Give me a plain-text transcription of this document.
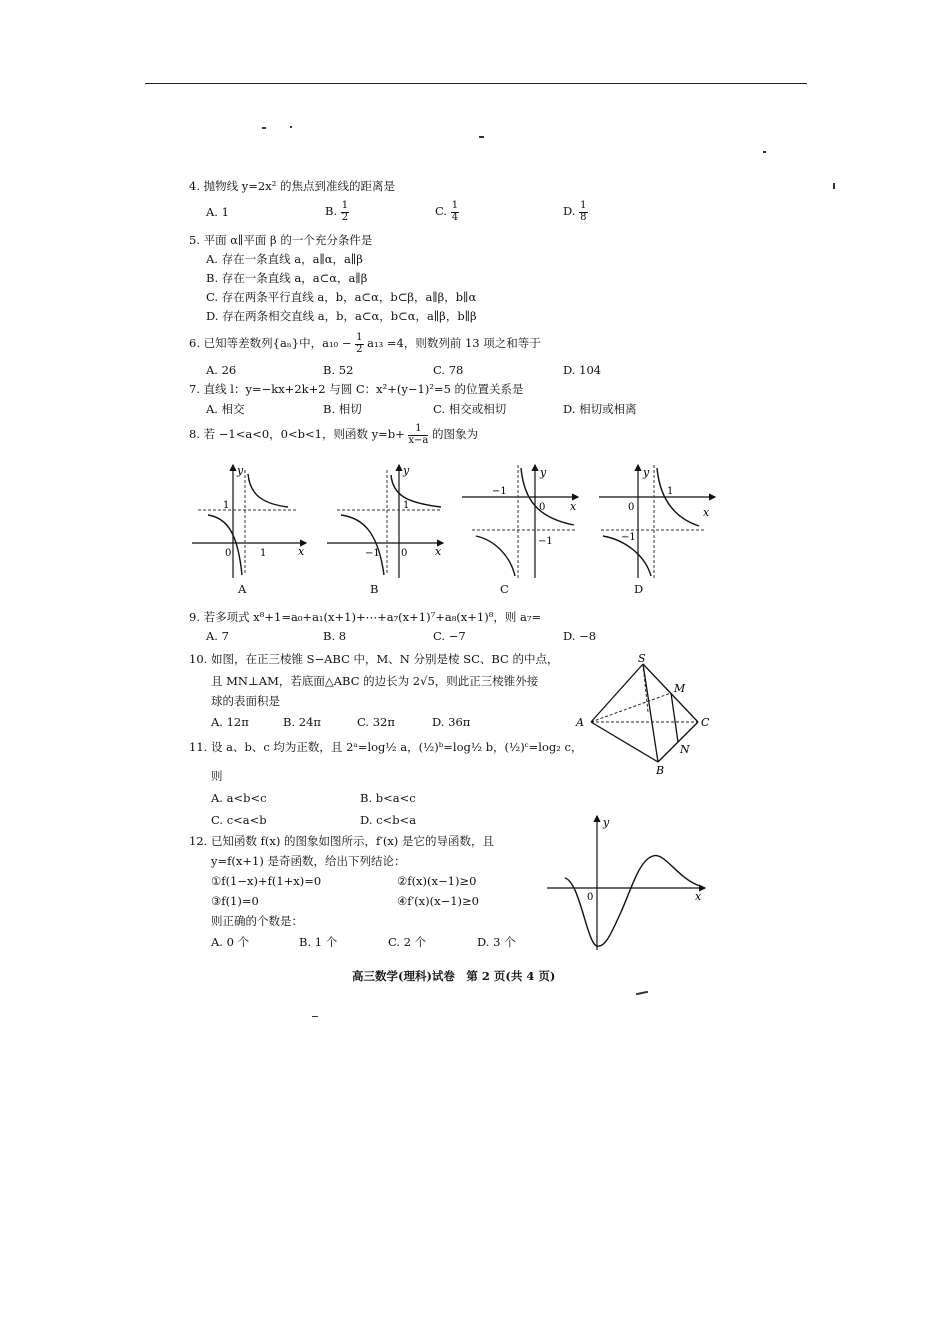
4. 抛物线 y=2x² 的焦点到准线的距离是
A. 1	B. $\frac{1}{2}$	C. $\frac{1}{4}$	D. $\frac{1}{8}$
5. 平面 α∥平面 β 的一个充分条件是
A. 存在一条直线 a，a∥α，a∥β
B. 存在一条直线 a，a⊂α，a∥β
C. 存在两条平行直线 a，b，a⊂α，b⊂β，a∥β，b∥α
D. 存在两条相交直线 a，b，a⊂α，b⊂α，a∥β，b∥β
6. 已知等差数列{aₙ}中，$a_{10} - \frac{1}{2} a_{13} =4$，则数列前 13 项之和等于
A. 26	B. 52	C. 78	D. 104
7. 直线 l：y=−kx+2k+2 与圆 C：x²+(y−1)²=5 的位置关系是
A. 相交	B. 相切	C. 相交或相切	D. 相切或相离
8. 若 −1<a<0，0<b<1，则函数 $y=b+ \frac{1}{x-a}$ 的图象为
y
x
1
0	1
A
y
x
1
0
−1
B
y
x
−1
0
−1
C
y
x
1
0
−1
D
9. 若多项式 x⁸+1=a₀+a₁(x+1)+⋯+a₇(x+1)⁷+a₈(x+1)⁸，则 a₇=
A. 7	B. 8	C. −7	D. −8
10. 如图，在正三棱锥 S−ABC 中，M、N 分别是棱 SC、BC 的中点，
且 MN⊥AM，若底面△ABC 的边长为 2√5，则此正三棱锥外接
球的表面积是
A. 12π	B. 24π	C. 32π	D. 36π
S
M
A	C
N
B
11. 设 a、b、c 均为正数，且 2ᵃ=log½ a，(½)ᵇ=log½ b，(½)ᶜ=log₂ c，
则
A. a<b<c	B. b<a<c
C. c<a<b	D. c<b<a
12. 已知函数 f(x) 的图象如图所示，f′(x) 是它的导函数，且
y=f(x+1) 是奇函数，给出下列结论：
①f(1−x)+f(1+x)=0	②f(x)(x−1)≥0
③f(1)=0	④f′(x)(x−1)≥0
则正确的个数是：
A. 0 个	B. 1 个	C. 2 个	D. 3 个
y
x
0
高三数学(理科)试卷　第 2 页(共 4 页)
